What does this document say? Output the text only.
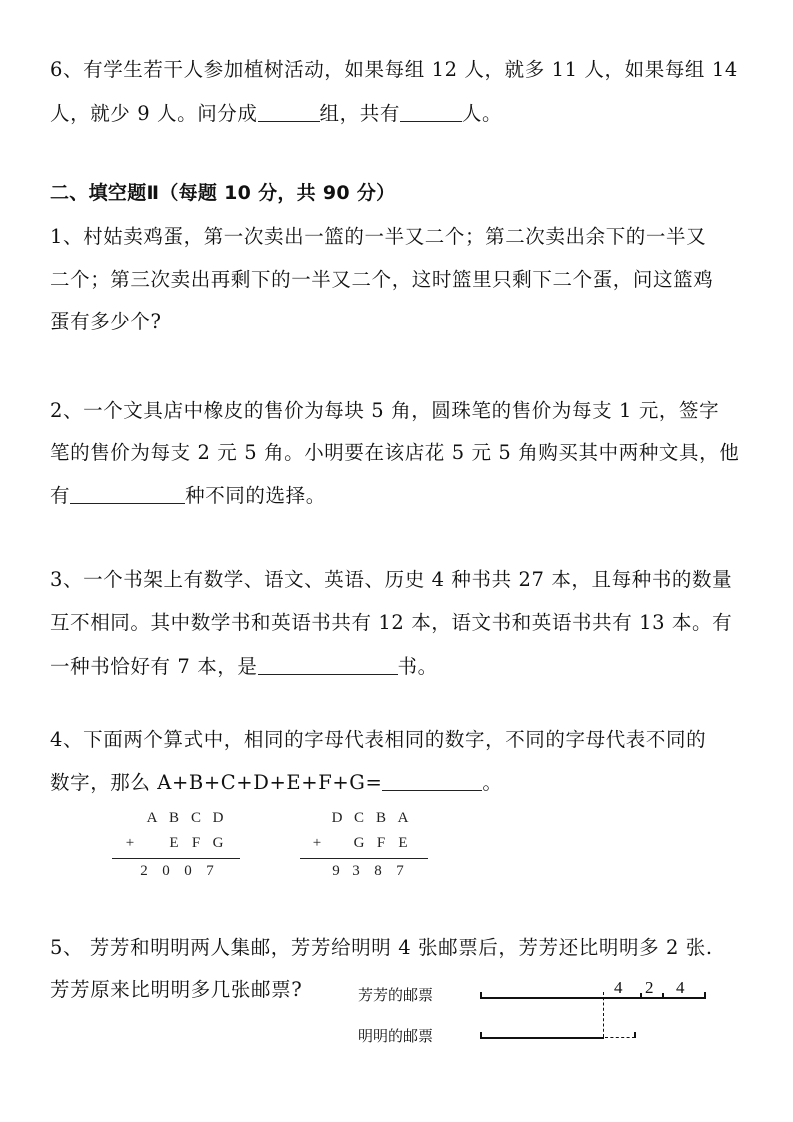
6、有学生若干人参加植树活动，如果每组 12 人，就多 11 人，如果每组 14
人，就少 9 人。问分成	组，共有	人。
二、填空题Ⅱ（每题 10 分，共 90 分）
1、村姑卖鸡蛋，第一次卖出一篮的一半又二个；第二次卖出余下的一半又
二个；第三次卖出再剩下的一半又二个，这时篮里只剩下二个蛋，问这篮鸡
蛋有多少个?
2、一个文具店中橡皮的售价为每块 5 角，圆珠笔的售价为每支 1 元，签字
笔的售价为每支 2 元 5 角。小明要在该店花 5 元 5 角购买其中两种文具，他
有	种不同的选择。
3、一个书架上有数学、语文、英语、历史 4 种书共 27 本，且每种书的数量
互不相同。其中数学书和英语书共有 12 本，语文书和英语书共有 13 本。有
一种书恰好有 7 本，是	书。
4、下面两个算式中，相同的字母代表相同的数字，不同的字母代表不同的
数字，那么 A+B+C+D+E+F+G=	。
A B C D
+	E F G
2 0 0 7
D C B A
+	G F E
9 3 8 7
5、 芳芳和明明两人集邮，芳芳给明明 4 张邮票后，芳芳还比明明多 2 张.
芳芳原来比明明多几张邮票?	芳芳的邮票
明明的邮票
4 2 4
